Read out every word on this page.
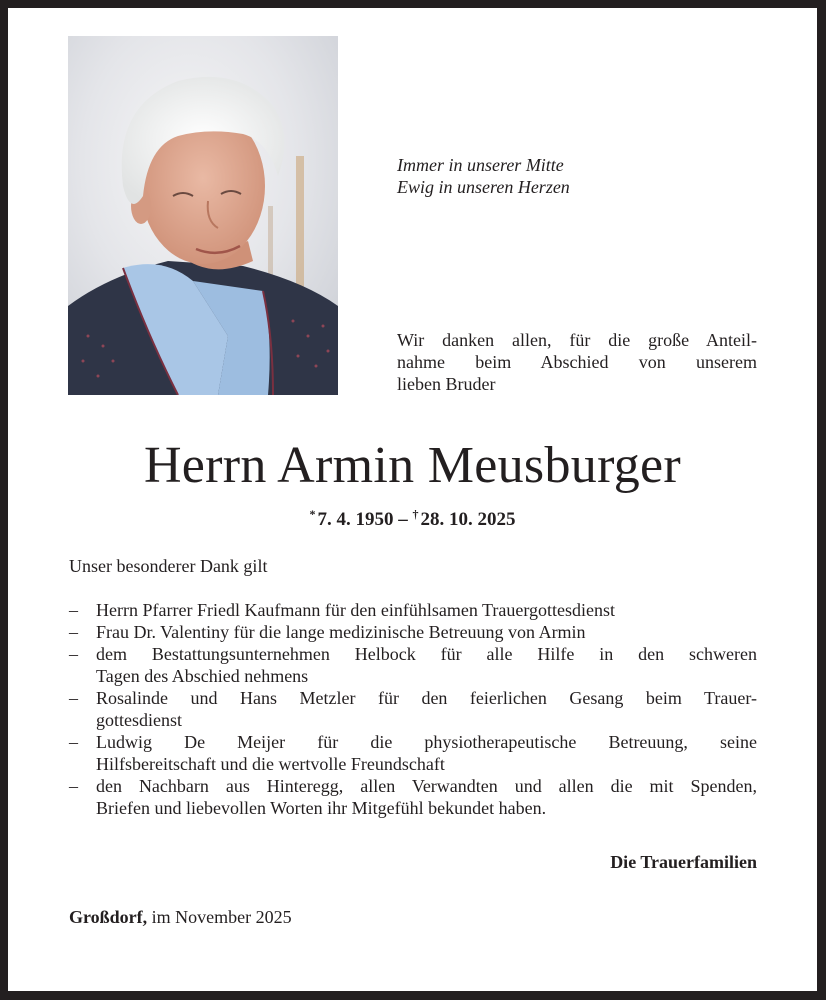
Immer in unserer Mitte
Ewig in unseren Herzen
Wir danken allen, für die große Anteil-
nahme beim Abschied von unserem
lieben Bruder
Herrn Armin Meusburger
* 7. 4. 1950 – † 28. 10. 2025
Unser besonderer Dank gilt
– Herrn Pfarrer Friedl Kaufmann für den einfühlsamen Trauergottesdienst
– Frau Dr. Valentiny für die lange medizinische Betreuung von Armin
– dem Bestattungsunternehmen Helbock für alle Hilfe in den schweren
Tagen des Abschied nehmens
– Rosalinde und Hans Metzler für den feierlichen Gesang beim Trauer-
gottesdienst
– Ludwig De Meijer für die physiotherapeutische Betreuung, seine
Hilfsbereitschaft und die wertvolle Freundschaft
– den Nachbarn aus Hinteregg, allen Verwandten und allen die mit Spenden,
Briefen und liebevollen Worten ihr Mitgefühl bekundet haben.
Die Trauerfamilien
Großdorf, im November 2025
